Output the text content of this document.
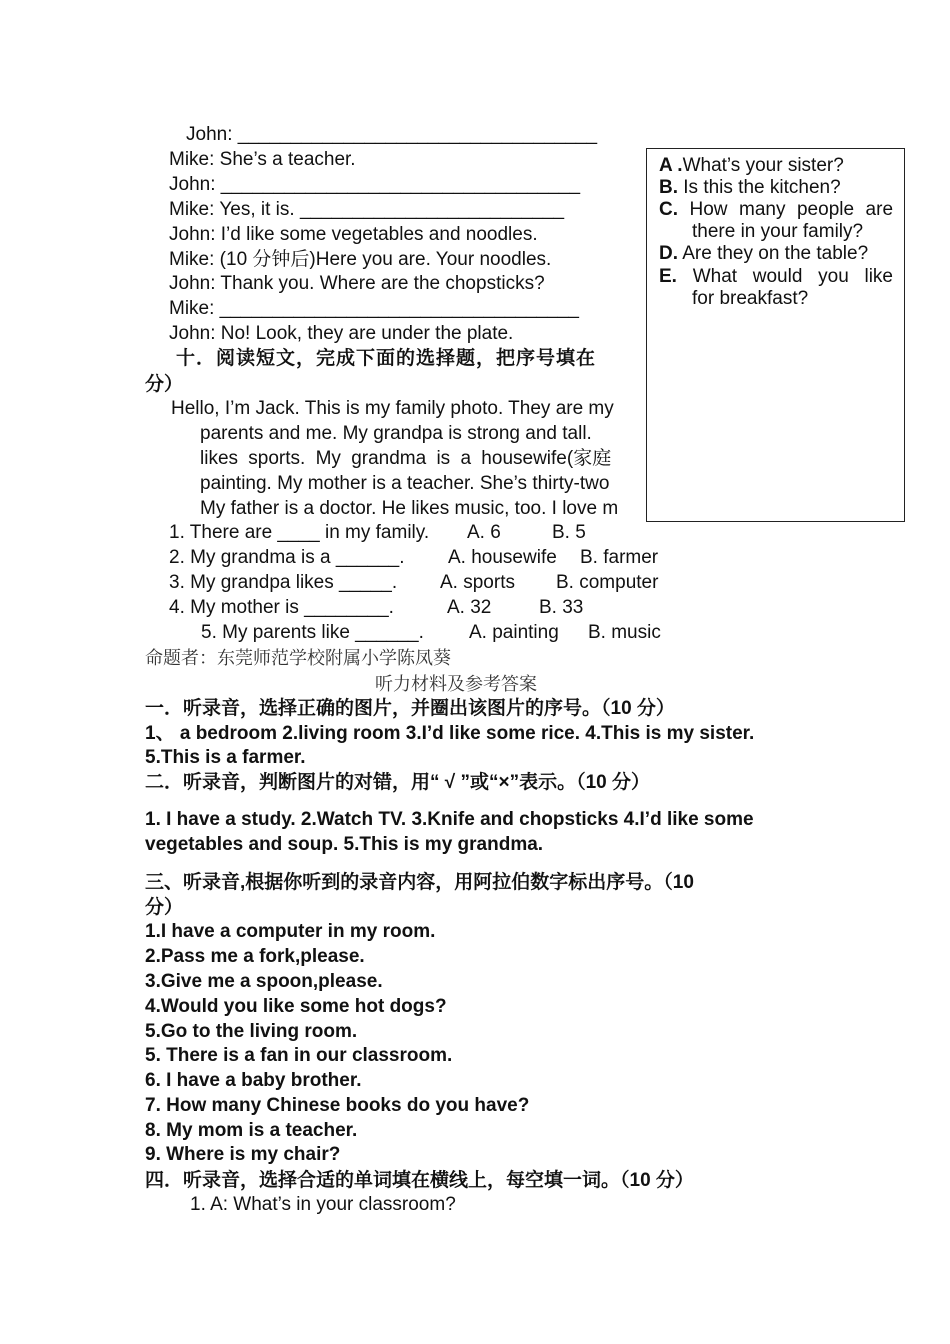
John: __________________________________
Mike: She’s a teacher.
John: __________________________________
Mike: Yes, it is. _________________________
John: I’d like some vegetables and noodles.
Mike: (10 分钟后)Here you are. Your noodles.
John: Thank you. Where are the chopsticks?
Mike: __________________________________
John: No! Look, they are under the plate.
十．阅读短文，完成下面的选择题，把序号填在
分）
Hello, I’m Jack. This is my family photo. They are my
parents and me. My grandpa is strong and tall.
likes sports. My grandma is a housewife(家庭
painting. My mother is a teacher. She’s thirty-two
My father is a doctor. He likes music, too. I love m
A .What’s your sister?
B. Is this the kitchen?
C. How many people are
there in your family?
D. Are they on the table?
E. What would you like
for breakfast?
1. There are ____ in my family. A. 6	B. 5
2. My grandma is a ______. A. housewife B. farmer
3. My grandpa likes _____. A. sports B. computer
4. My mother is ________.	A. 32	B. 33
5. My parents like ______. A. painting B. music
命题者：东莞师范学校附属小学陈凤葵
听力材料及参考答案
一．听录音，选择正确的图片，并圈出该图片的序号。（10 分）
1、 a bedroom 2.living room 3.I’d like some rice. 4.This is my sister.
5.This is a farmer.
二．听录音，判断图片的对错，用“ √ ”或“×”表示。（10 分）
1. I have a study. 2.Watch TV. 3.Knife and chopsticks 4.I’d like some
vegetables and soup. 5.This is my grandma.
三、听录音,根据你听到的录音内容，用阿拉伯数字标出序号。（10
分）
1.I have a computer in my room.
2.Pass me a fork,please.
3.Give me a spoon,please.
4.Would you like some hot dogs?
5.Go to the living room.
5. There is a fan in our classroom.
6. I have a baby brother.
7. How many Chinese books do you have?
8. My mom is a teacher.
9. Where is my chair?
四．听录音，选择合适的单词填在横线上，每空填一词。（10 分）
1. A: What’s in your classroom?
